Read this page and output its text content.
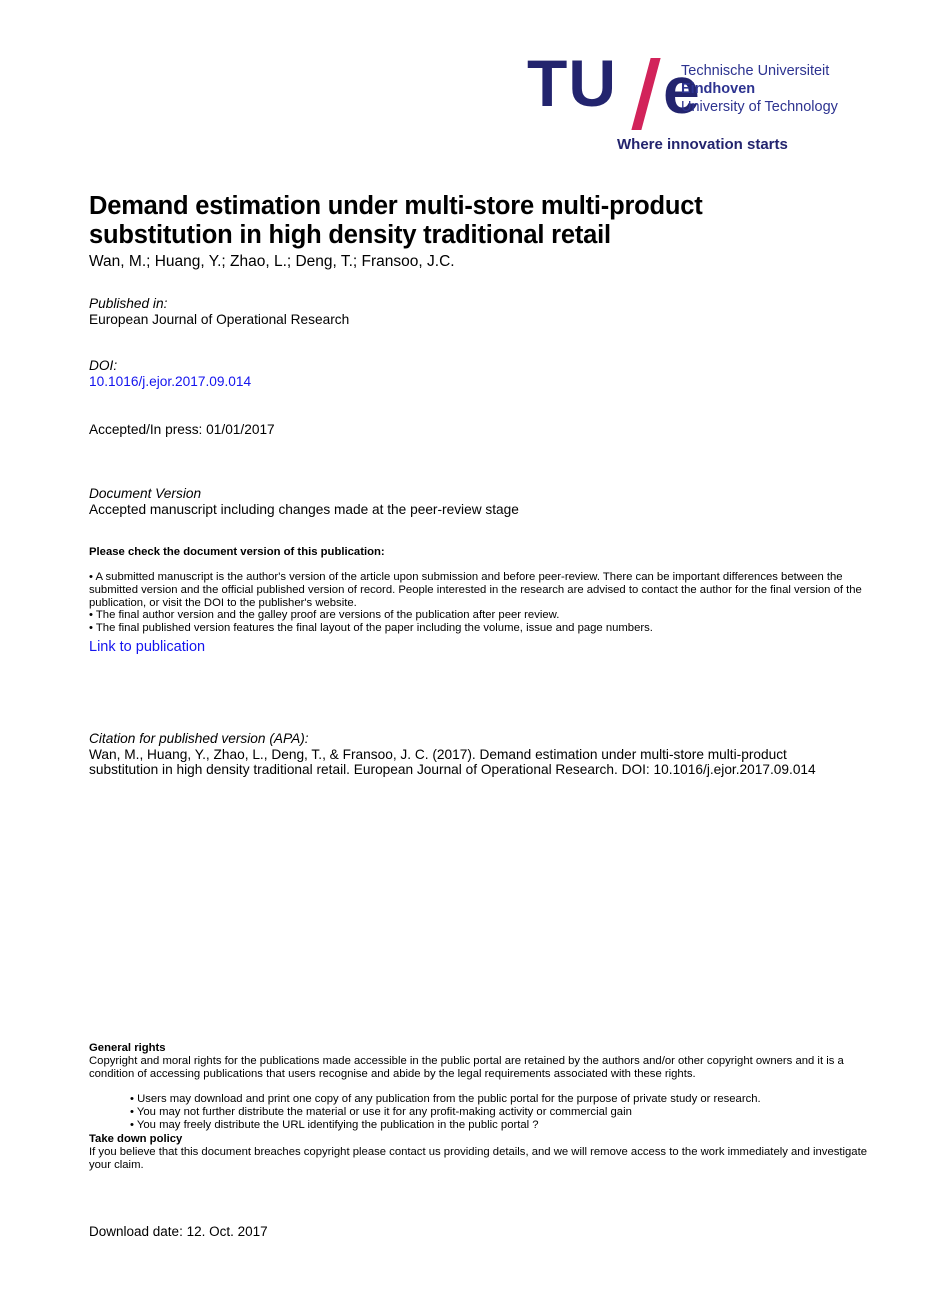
TU e
Technische Universiteit
Eindhoven
University of Technology
Where innovation starts
Demand estimation under multi-store multi-product substitution in high density traditional retail
Wan, M.; Huang, Y.; Zhao, L.; Deng, T.; Fransoo, J.C.
Published in:
European Journal of Operational Research
DOI:
10.1016/j.ejor.2017.09.014
Accepted/In press: 01/01/2017
Document Version
Accepted manuscript including changes made at the peer-review stage
Please check the document version of this publication:
• A submitted manuscript is the author's version of the article upon submission and before peer-review. There can be important differences between the submitted version and the official published version of record. People interested in the research are advised to contact the author for the final version of the publication, or visit the DOI to the publisher's website.
• The final author version and the galley proof are versions of the publication after peer review.
• The final published version features the final layout of the paper including the volume, issue and page numbers.
Link to publication
Citation for published version (APA):
Wan, M., Huang, Y., Zhao, L., Deng, T., & Fransoo, J. C. (2017). Demand estimation under multi-store multi-product substitution in high density traditional retail. European Journal of Operational Research. DOI: 10.1016/j.ejor.2017.09.014
General rights
Copyright and moral rights for the publications made accessible in the public portal are retained by the authors and/or other copyright owners and it is a condition of accessing publications that users recognise and abide by the legal requirements associated with these rights.
• Users may download and print one copy of any publication from the public portal for the purpose of private study or research.
• You may not further distribute the material or use it for any profit-making activity or commercial gain
• You may freely distribute the URL identifying the publication in the public portal ?
Take down policy
If you believe that this document breaches copyright please contact us providing details, and we will remove access to the work immediately and investigate your claim.
Download date: 12. Oct. 2017
